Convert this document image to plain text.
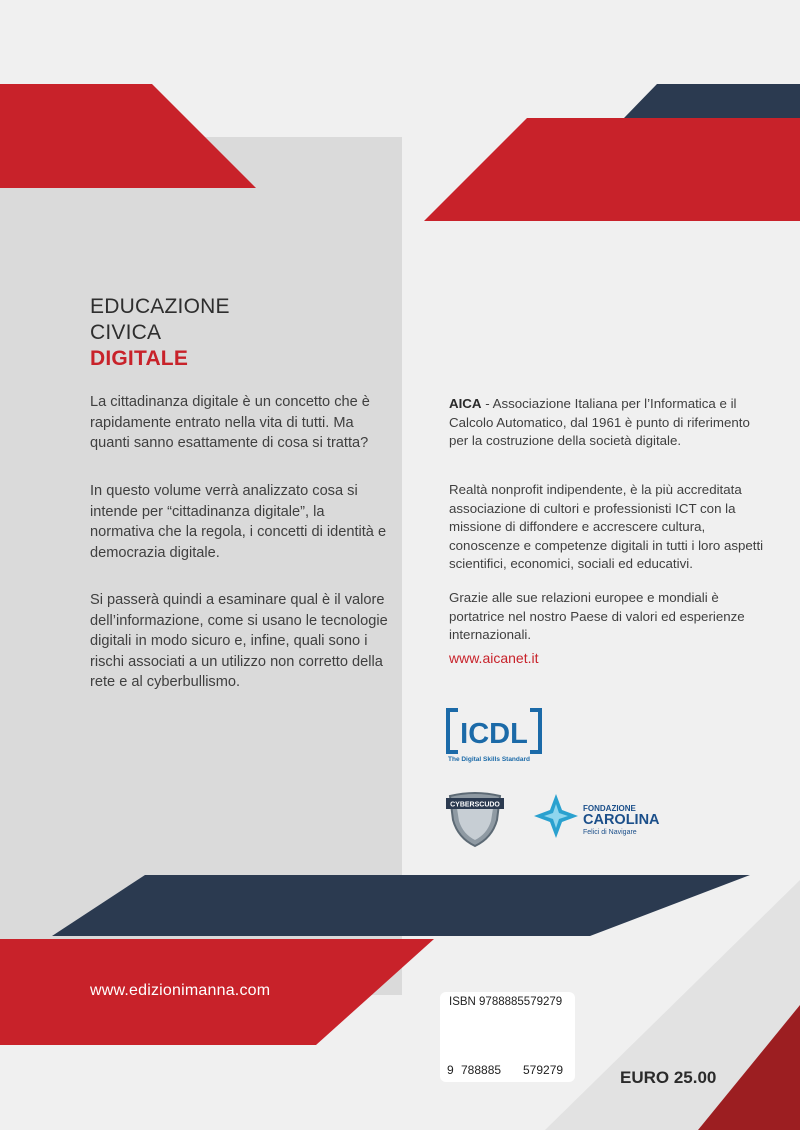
ICDL
CYBERSCUDO
EDUCAZIONE
CIVICA
DIGITALE
La cittadinanza digitale è un concetto che è rapidamente entrato nella vita di tutti. Ma quanti sanno esattamente di cosa si tratta?
In questo volume verrà analizzato cosa si intende per “cittadinanza digitale”, la normativa che la regola, i concetti di identità e democrazia digitale.
Si passerà quindi a esaminare qual è il valore dell’informazione, come si usano le tecnologie digitali in modo sicuro e, infine, quali sono i rischi associati a un utilizzo non corretto della rete e al cyberbullismo.
AICA - Associazione Italiana per l’Informatica e il Calcolo Automatico, dal 1961 è punto di riferimento per la costruzione della società digitale.
Realtà nonprofit indipendente, è la più accreditata associazione di cultori e professionisti ICT con la missione di diffondere e accrescere cultura, conoscenze e competenze digitali in tutti i loro aspetti scientifici, economici, sociali ed educativi.
Grazie alle sue relazioni europee e mondiali è portatrice nel nostro Paese di valori ed esperienze internazionali.
www.aicanet.it
The Digital Skills Standard
FONDAZIONE
CAROLINA
Felici di Navigare
www.edizionimanna.com
ISBN 9788885579279
9 788885 579279	EURO 25.00
